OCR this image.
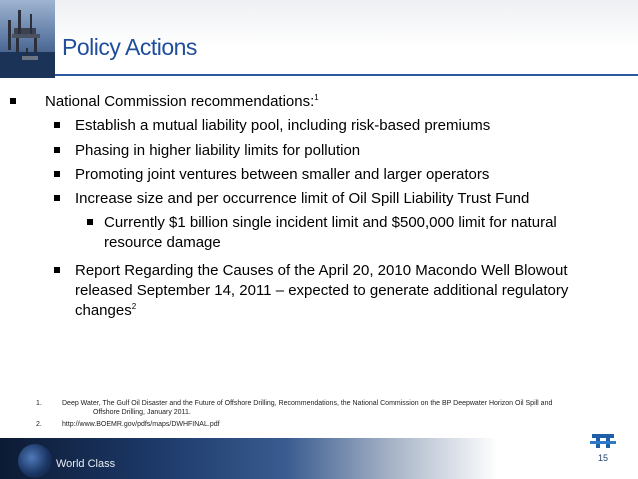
Policy Actions
National Commission recommendations:$^1$
Establish a mutual liability pool, including risk-based premiums
Phasing in higher liability limits for pollution
Promoting joint ventures between smaller and larger operators
Increase size and per occurrence limit of Oil Spill Liability Trust Fund
Currently $1 billion single incident limit and $500,000 limit for natural
resource damage
Report Regarding the Causes of the April 20, 2010 Macondo Well Blowout
released September 14, 2011 – expected to generate additional regulatory
changes$^2$
1.	Deep Water, The Gulf Oil Disaster and the Future of Offshore Drilling, Recommendations, the National Commission on the BP Deepwater Horizon Oil Spill and
Offshore Drilling, January 2011.
2.	http://www.BOEMR.gov/pdfs/maps/DWHFINAL.pdf
World Class	15
